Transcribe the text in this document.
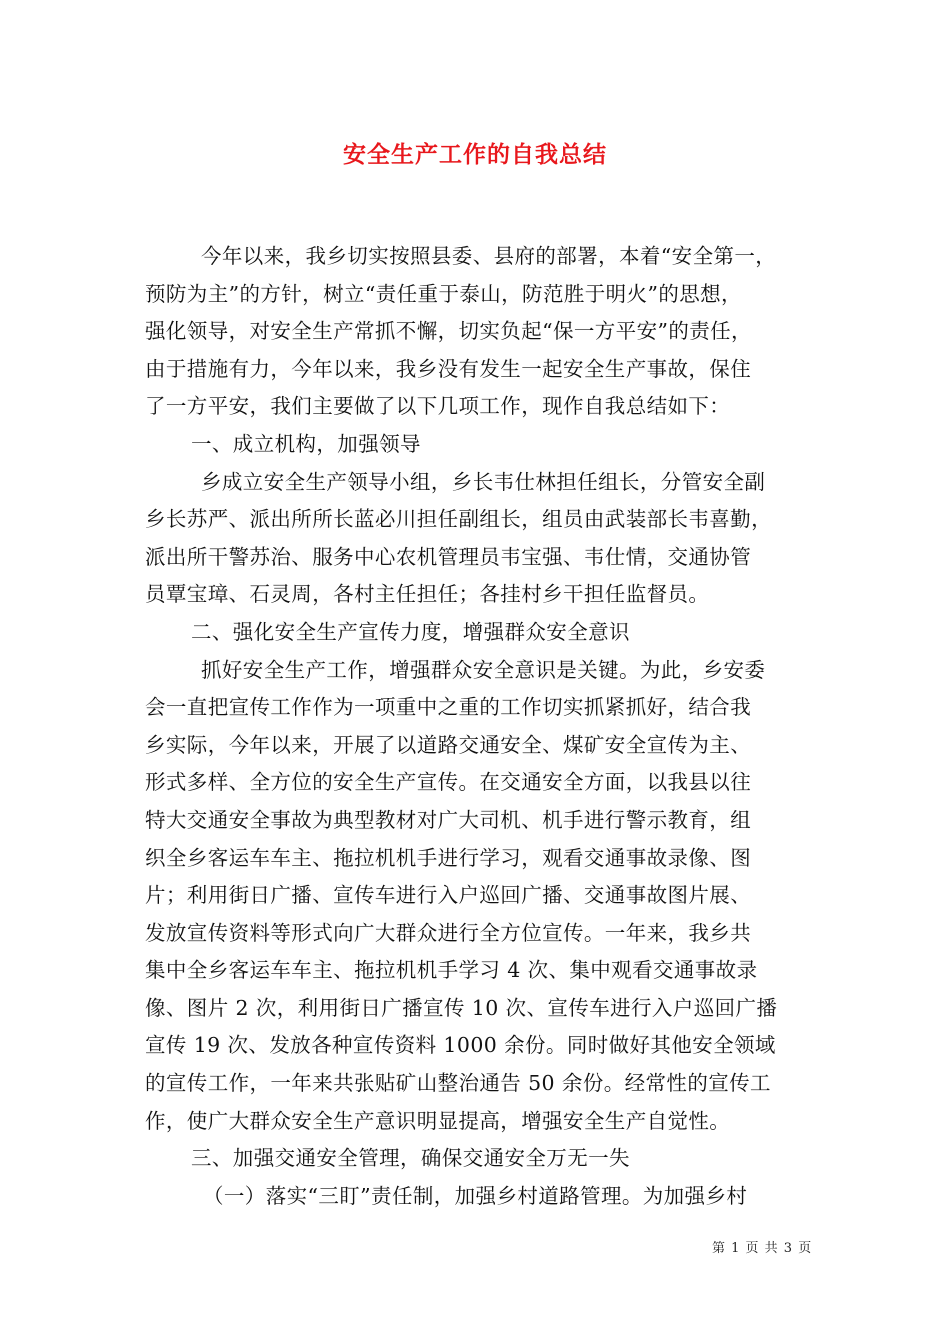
安全生产工作的自我总结
今年以来，我乡切实按照县委、县府的部署，本着“安全第一，
预防为主”的方针，树立“责任重于泰山，防范胜于明火”的思想，
强化领导，对安全生产常抓不懈，切实负起“保一方平安”的责任，
由于措施有力，今年以来，我乡没有发生一起安全生产事故，保住
了一方平安，我们主要做了以下几项工作，现作自我总结如下：
一、成立机构，加强领导
乡成立安全生产领导小组，乡长韦仕林担任组长，分管安全副
乡长苏严、派出所所长蓝必川担任副组长，组员由武装部长韦喜勤，
派出所干警苏治、服务中心农机管理员韦宝强、韦仕情，交通协管
员覃宝璋、石灵周，各村主任担任；各挂村乡干担任监督员。
二、强化安全生产宣传力度，增强群众安全意识
抓好安全生产工作，增强群众安全意识是关键。为此，乡安委
会一直把宣传工作作为一项重中之重的工作切实抓紧抓好，结合我
乡实际，今年以来，开展了以道路交通安全、煤矿安全宣传为主、
形式多样、全方位的安全生产宣传。在交通安全方面，以我县以往
特大交通安全事故为典型教材对广大司机、机手进行警示教育，组
织全乡客运车车主、拖拉机机手进行学习，观看交通事故录像、图
片；利用街日广播、宣传车进行入户巡回广播、交通事故图片展、
发放宣传资料等形式向广大群众进行全方位宣传。一年来，我乡共
集中全乡客运车车主、拖拉机机手学习 4 次、集中观看交通事故录
像、图片 2 次，利用街日广播宣传 10 次、宣传车进行入户巡回广播
宣传 19 次、发放各种宣传资料 1000 余份。同时做好其他安全领域
的宣传工作，一年来共张贴矿山整治通告 50 余份。经常性的宣传工
作，使广大群众安全生产意识明显提高，增强安全生产自觉性。
三、加强交通安全管理，确保交通安全万无一失
（一）落实“三盯”责任制，加强乡村道路管理。为加强乡村
第 1 页 共 3 页
